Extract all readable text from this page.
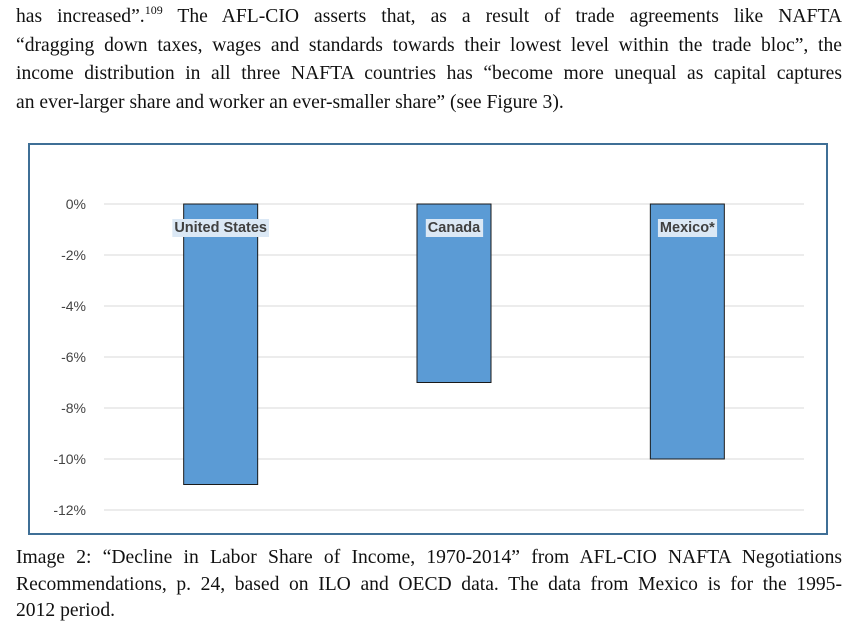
has increased”.$^{109}$ The AFL-CIO asserts that, as a result of trade agreements like NAFTA
“dragging down taxes, wages and standards towards their lowest level within the trade bloc”, the
income distribution in all three NAFTA countries has “become more unequal as capital captures
an ever-larger share and worker an ever-smaller share” (see Figure 3).

0%
-2%
-4%
-6%
-8%
-10%
-12%
United States	Canada	Mexico*

Image 2: “Decline in Labor Share of Income, 1970-2014” from AFL-CIO NAFTA Negotiations
Recommendations, p. 24, based on ILO and OECD data. The data from Mexico is for the 1995-
2012 period.
